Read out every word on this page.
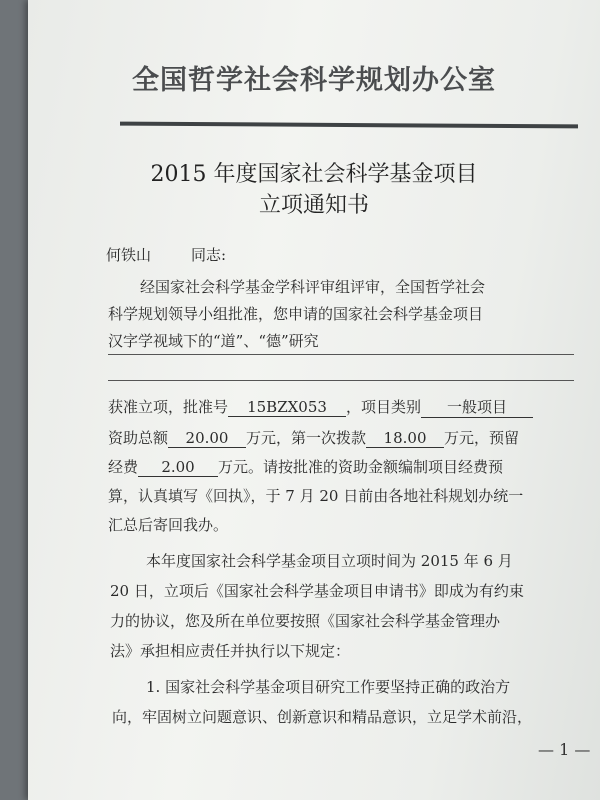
全国哲学社会科学规划办公室
2015 年度国家社会科学基金项目
立项通知书
何铁山	同志:
经国家社会科学基金学科评审组评审，全国哲学社会
科学规划领导小组批准，您申请的国家社会科学基金项目
汉字学视域下的“道”、“德”研究
获准立项，批准号 15BZX053 ，项目类别 一般项目
资助总额 20.00 万元，第一次拨款 18.00 万元，预留
经费 2.00 万元。请按批准的资助金额编制项目经费预
算，认真填写《回执》，于 7 月 20 日前由各地社科规划办统一
汇总后寄回我办。
本年度国家社会科学基金项目立项时间为 2015 年 6 月
20 日，立项后《国家社会科学基金项目申请书》即成为有约束
力的协议，您及所在单位要按照《国家社会科学基金管理办
法》承担相应责任并执行以下规定：
1. 国家社会科学基金项目研究工作要坚持正确的政治方
向，牢固树立问题意识、创新意识和精品意识，立足学术前沿，
— 1 —
